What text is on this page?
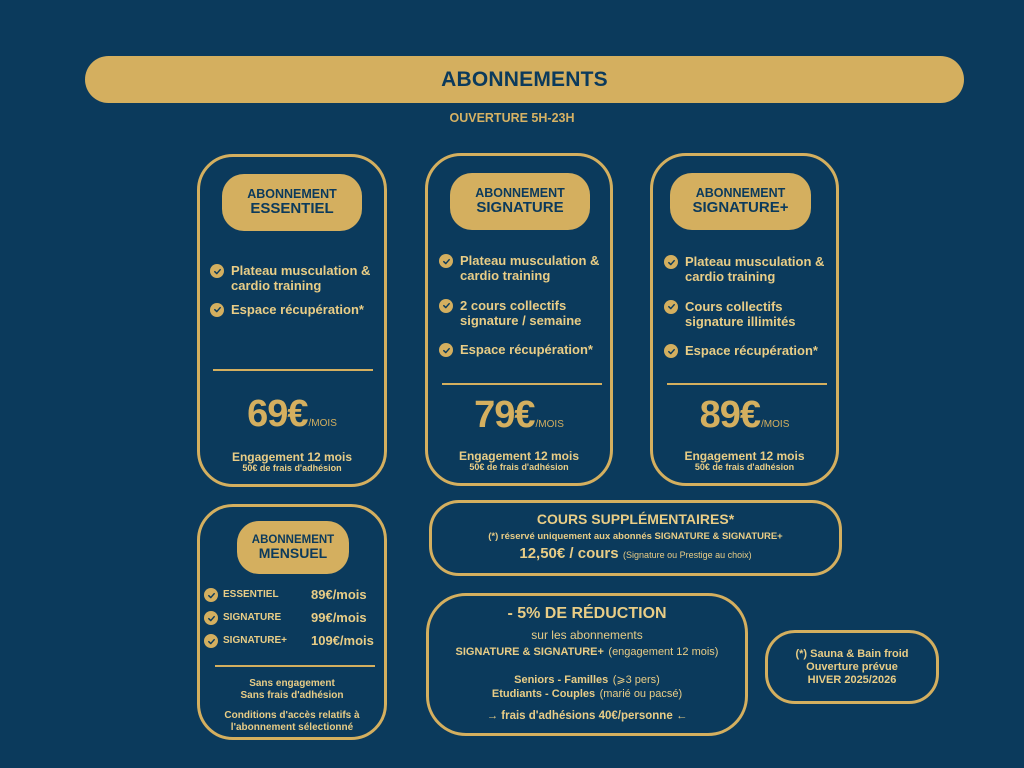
ABONNEMENTS
OUVERTURE 5H-23H
ABONNEMENT
ESSENTIEL
Plateau musculation & cardio training
Espace récupération*
69€ /MOIS
Engagement 12 mois
50€ de frais d'adhésion
ABONNEMENT
SIGNATURE
Plateau musculation & cardio training
2 cours collectifs signature / semaine
Espace récupération*
79€ /MOIS
Engagement 12 mois
50€ de frais d'adhésion
ABONNEMENT
SIGNATURE+
Plateau musculation & cardio training
Cours collectifs signature illimités
Espace récupération*
89€ /MOIS
Engagement 12 mois
50€ de frais d'adhésion
ABONNEMENT
MENSUEL
ESSENTIEL	89€/mois
SIGNATURE	99€/mois
SIGNATURE+	109€/mois
Sans engagement
Sans frais d'adhésion
Conditions d'accès relatifs à
l'abonnement sélectionné
COURS SUPPLÉMENTAIRES*
(*) réservé uniquement aux abonnés SIGNATURE & SIGNATURE+
12,50€ / cours (Signature ou Prestige au choix)
- 5% DE RÉDUCTION
sur les abonnements
SIGNATURE & SIGNATURE+ (engagement 12 mois)
Seniors - Familles (⩾3 pers)
Etudiants - Couples (marié ou pacsé)
→ frais d'adhésions 40€/personne ←
(*) Sauna & Bain froid
Ouverture prévue
HIVER 2025/2026
